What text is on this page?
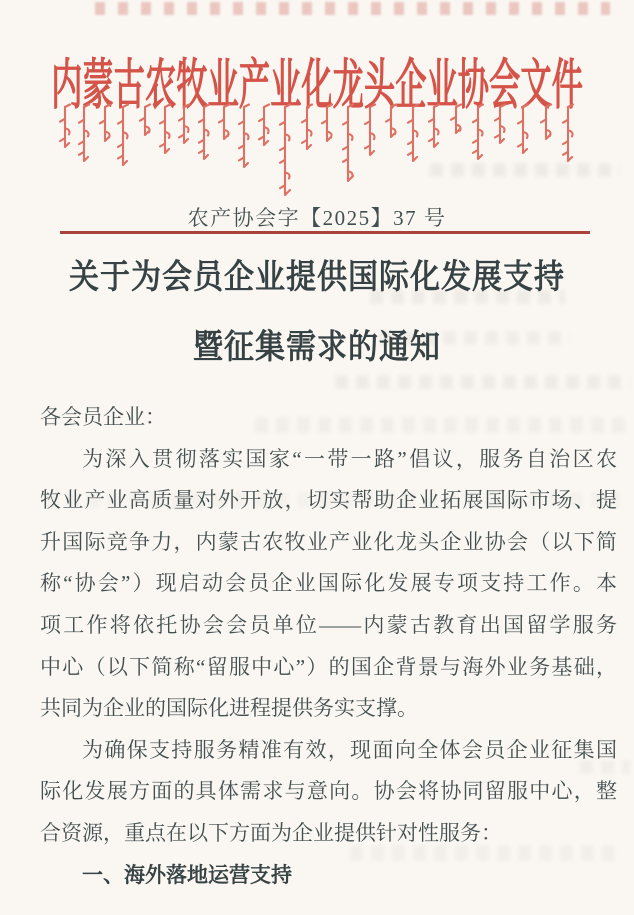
内蒙古农牧业产业化龙头企业协会文件
农产协会字【2025】37 号
关于为会员企业提供国际化发展支持
暨征集需求的通知
各会员企业：
为深入贯彻落实国家“一带一路”倡议，服务自治区农
牧业产业高质量对外开放，切实帮助企业拓展国际市场、提
升国际竞争力，内蒙古农牧业产业化龙头企业协会（以下简
称“协会”）现启动会员企业国际化发展专项支持工作。本
项工作将依托协会会员单位——内蒙古教育出国留学服务
中心（以下简称“留服中心”）的国企背景与海外业务基础，
共同为企业的国际化进程提供务实支撑。
为确保支持服务精准有效，现面向全体会员企业征集国
际化发展方面的具体需求与意向。协会将协同留服中心，整
合资源，重点在以下方面为企业提供针对性服务：
一、海外落地运营支持
